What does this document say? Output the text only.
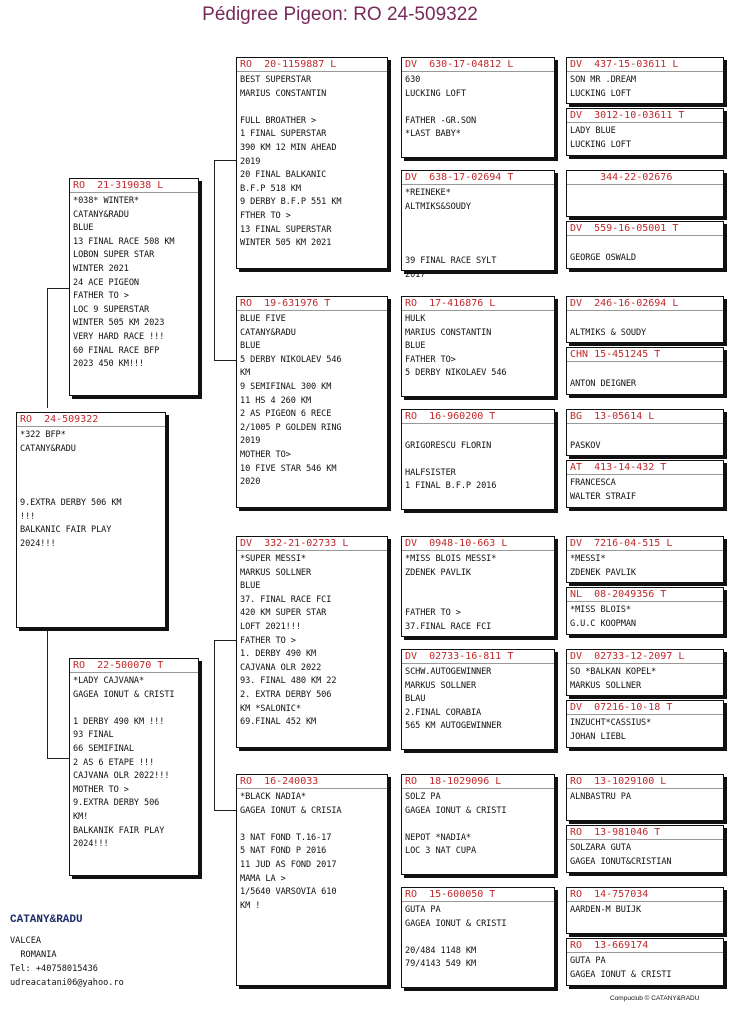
Pédigree Pigeon: RO 24-509322
RO  24-509322
*322 BFP*
CATANY&RADU

9.EXTRA DERBY 506 KM
!!!
BALKANIC FAIR PLAY
2024!!!
RO  21-319038 L
*038* WINTER*
CATANY&RADU
BLUE
13 FINAL RACE 508 KM
LOBON SUPER STAR
WINTER 2021
24 ACE PIGEON
FATHER TO >
LOC 9 SUPERSTAR
WINTER 505 KM 2023
VERY HARD RACE !!!
60 FINAL RACE BFP
2023 450 KM!!!
RO  22-500070 T
*LADY CAJVANA*
GAGEA IONUT & CRISTI

1 DERBY 490 KM !!!
93 FINAL
66 SEMIFINAL
2 AS 6 ETAPE !!!
CAJVANA OLR 2022!!!
MOTHER TO >
9.EXTRA DERBY 506
KM!
BALKANIK FAIR PLAY
2024!!!
RO  20-1159887 L
BEST SUPERSTAR
MARIUS CONSTANTIN

FULL BROATHER >
1 FINAL SUPERSTAR
390 KM 12 MIN AHEAD
2019
20 FINAL BALKANIC
B.F.P 518 KM
9 DERBY B.F.P 551 KM
FTHER TO >
13 FINAL SUPERSTAR
WINTER 505 KM 2021
RO  19-631976 T
BLUE FIVE
CATANY&RADU
BLUE
5 DERBY NIKOLAEV 546
KM
9 SEMIFINAL 300 KM
11 HS 4 260 KM
2 AS PIGEON 6 RECE
2/1005 P GOLDEN RING
2019
MOTHER TO>
10 FIVE STAR 546 KM
2020
DV  332-21-02733 L
*SUPER MESSI*
MARKUS SOLLNER
BLUE
37. FINAL RACE FCI
420 KM SUPER STAR
LOFT 2021!!!
FATHER TO >
1. DERBY 490 KM
CAJVANA OLR 2022
93. FINAL 480 KM 22
2. EXTRA DERBY 506
KM *SALONIC*
69.FINAL 452 KM
RO  16-240033
*BLACK NADIA*
GAGEA IONUT & CRISIA

3 NAT FOND T.16-17
5 NAT FOND P 2016
11 JUD AS FOND 2017
MAMA LA >
1/5640 VARSOVIA 610
KM !
DV  630-17-04812 L
630
LUCKING LOFT

FATHER -GR.SON
*LAST BABY*
DV  638-17-02694 T
*REINEKE*
ALTMIKS&SOUDY

39 FINAL RACE SYLT
2017
RO  17-416876 L
HULK
MARIUS CONSTANTIN
BLUE
FATHER TO>
5 DERBY NIKOLAEV 546
RO  16-960200 T

GRIGORESCU FLORIN

HALFSISTER
1 FINAL B.F.P 2016
DV  0948-10-663 L
*MISS BLOIS MESSI*
ZDENEK PAVLIK

FATHER TO >
37.FINAL RACE FCI
DV  02733-16-811 T
SCHW.AUTOGEWINNER
MARKUS SOLLNER
BLAU
2.FINAL CORABIA
565 KM AUTOGEWINNER
RO  18-1029096 L
SOLZ PA
GAGEA IONUT & CRISTI

NEPOT *NADIA*
LOC 3 NAT CUPA
RO  15-600050 T
GUTA PA
GAGEA IONUT & CRISTI

20/484 1148 KM
79/4143 549 KM
DV  437-15-03611 L
SON MR .DREAM
LUCKING LOFT
DV  3012-10-03611 T
LADY BLUE
LUCKING LOFT
344-22-02676
DV  559-16-05001 T

GEORGE OSWALD
DV  246-16-02694 L

ALTMIKS & SOUDY
CHN 15-451245 T

ANTON DEIGNER
BG  13-05614 L

PASKOV
AT  413-14-432 T
FRANCESCA
WALTER STRAIF
DV  7216-04-515 L
*MESSI*
ZDENEK PAVLIK
NL  08-2049356 T
*MISS BLOIS*
G.U.C KOOPMAN
DV  02733-12-2097 L
SO *BALKAN KOPEL*
MARKUS SOLLNER
DV  07216-10-18 T
INZUCHT*CASSIUS*
JOHAN LIEBL
RO  13-1029100 L
ALNBASTRU PA
RO  13-981046 T
SOLZARA GUTA
GAGEA IONUT&CRISTIAN
RO  14-757034
AARDEN-M BUIJK
RO  13-669174
GUTA PA
GAGEA IONUT & CRISTI
CATANY&RADU
VALCEA
ROMANIA
Tel: +40758015436
udreacatani06@yahoo.ro
Compuclub © CATANY&RADU
